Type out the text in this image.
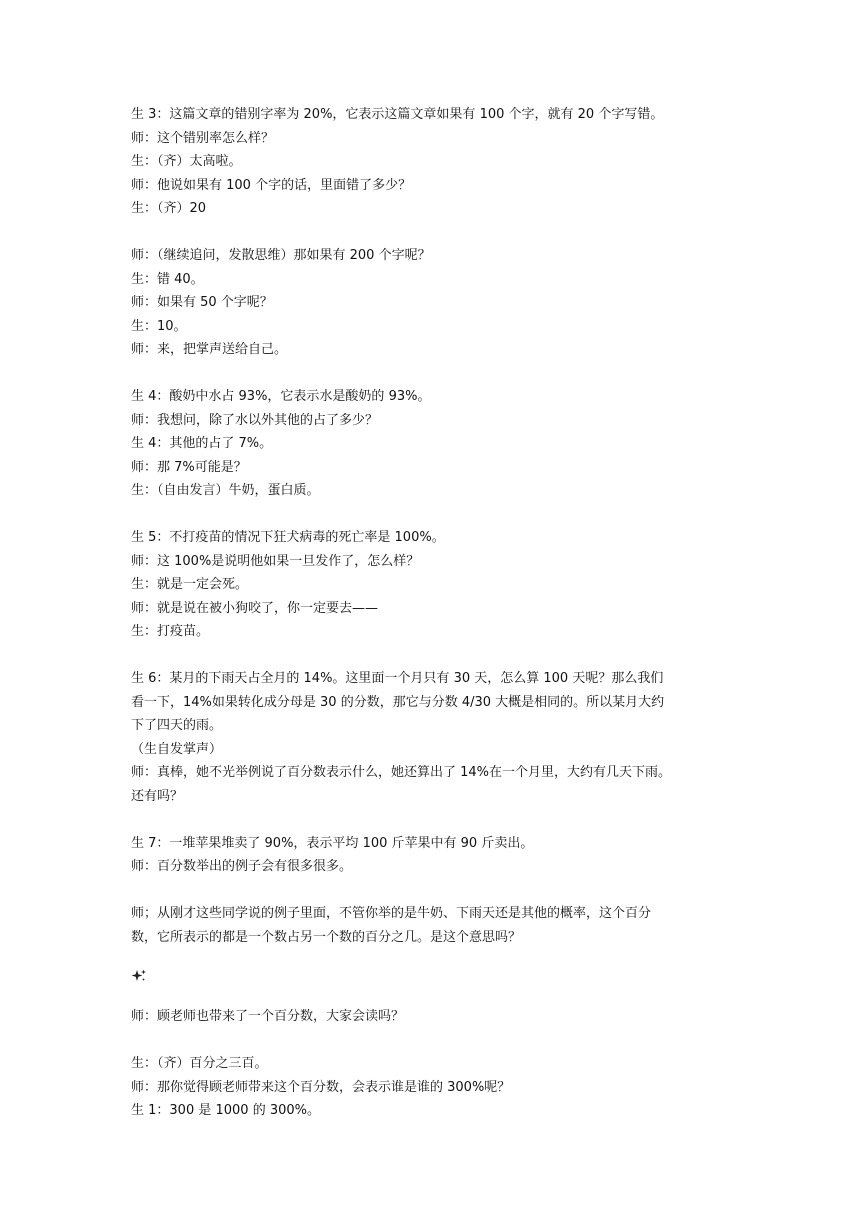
生 3：这篇文章的错别字率为 20%，它表示这篇文章如果有 100 个字，就有 20 个字写错。
师：这个错别率怎么样？
生：（齐）太高啦。
师：他说如果有 100 个字的话，里面错了多少？
生：（齐）20
师：（继续追问，发散思维）那如果有 200 个字呢？
生：错 40。
师：如果有 50 个字呢？
生：10。
师：来，把掌声送给自己。
生 4：酸奶中水占 93%，它表示水是酸奶的 93%。
师：我想问，除了水以外其他的占了多少？
生 4：其他的占了 7%。
师：那 7%可能是？
生：（自由发言）牛奶，蛋白质。
生 5：不打疫苗的情况下狂犬病毒的死亡率是 100%。
师：这 100%是说明他如果一旦发作了，怎么样？
生：就是一定会死。
师：就是说在被小狗咬了，你一定要去——
生：打疫苗。
生 6：某月的下雨天占全月的 14%。这里面一个月只有 30 天，怎么算 100 天呢？那么我们
看一下，14%如果转化成分母是 30 的分数，那它与分数 4/30 大概是相同的。所以某月大约
下了四天的雨。
（生自发掌声）
师：真棒，她不光举例说了百分数表示什么，她还算出了 14%在一个月里，大约有几天下雨。
还有吗？
生 7：一堆苹果堆卖了 90%，表示平均 100 斤苹果中有 90 斤卖出。
师：百分数举出的例子会有很多很多。
师；从刚才这些同学说的例子里面，不管你举的是牛奶、下雨天还是其他的概率，这个百分
数，它所表示的都是一个数占另一个数的百分之几。是这个意思吗？
师：顾老师也带来了一个百分数，大家会读吗？
生：（齐）百分之三百。
师：那你觉得顾老师带来这个百分数，会表示谁是谁的 300%呢？
生 1：300 是 1000 的 300%。
